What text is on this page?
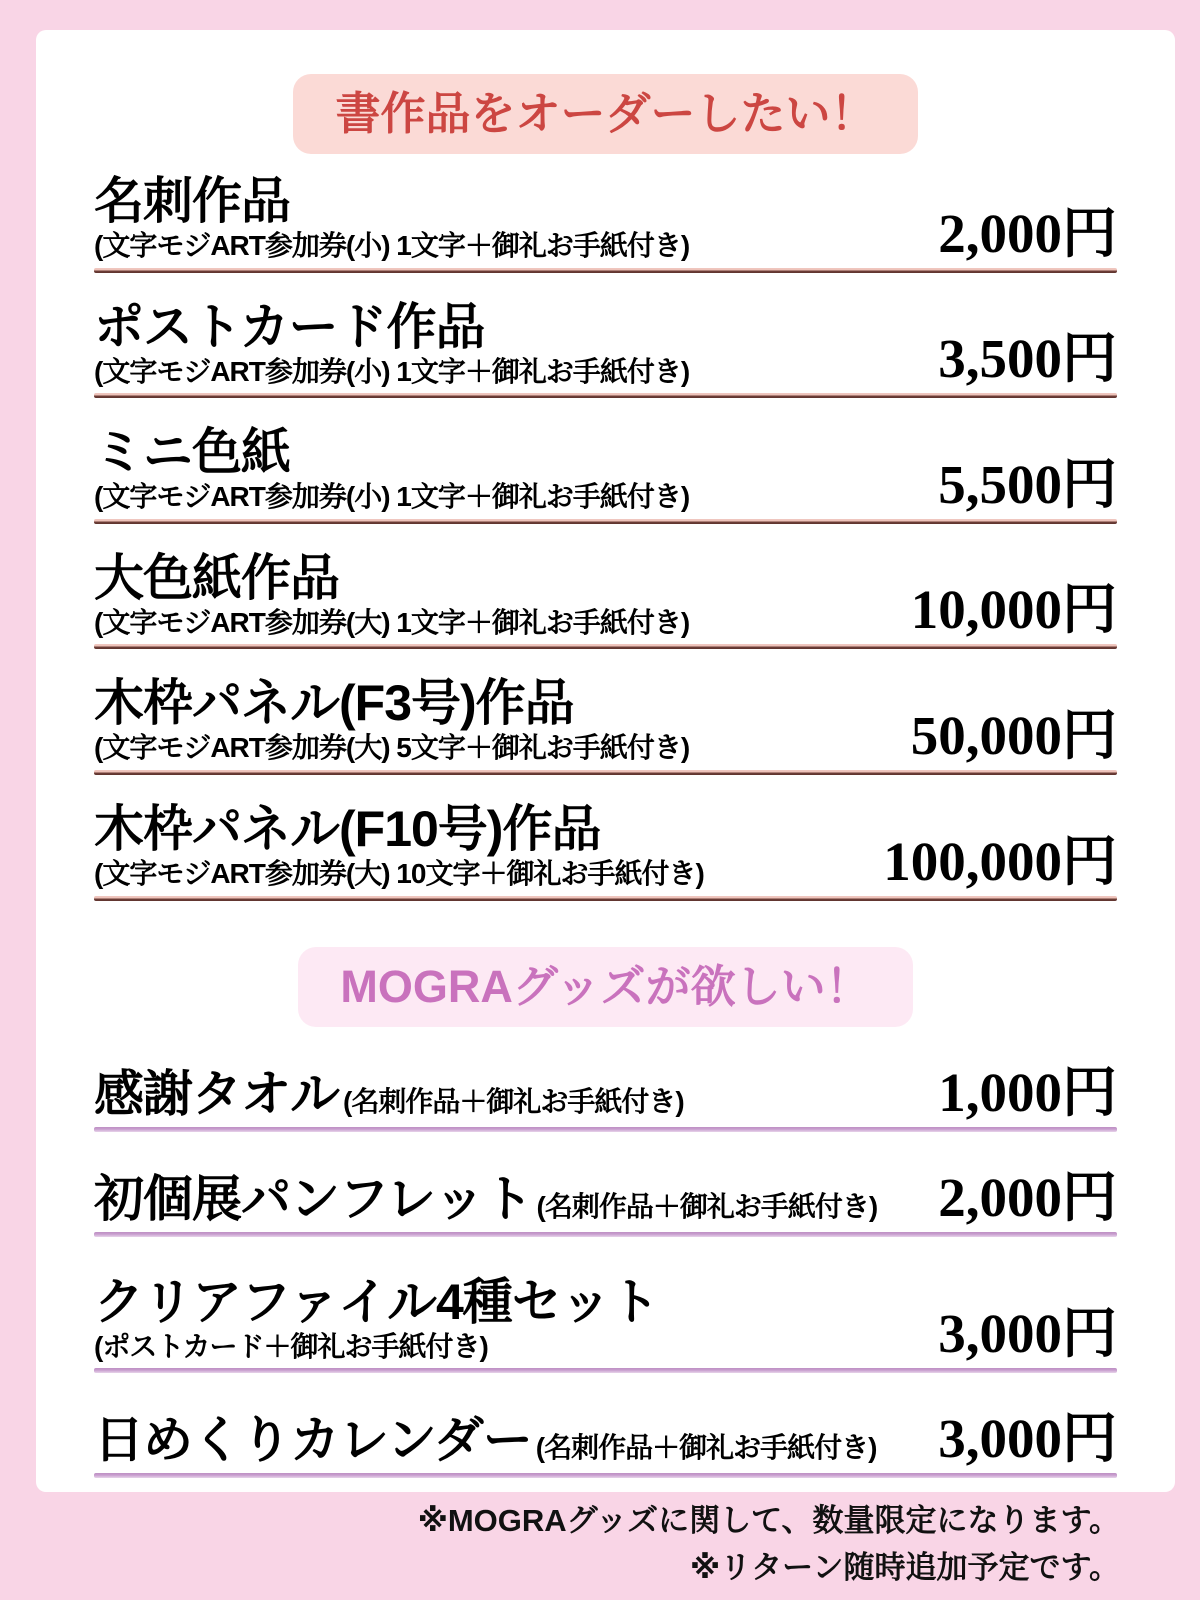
書作品をオーダーしたい！
名刺作品
(文字モジART参加券(小) 1文字＋御礼お手紙付き)	2,000円
ポストカード作品
(文字モジART参加券(小) 1文字＋御礼お手紙付き)	3,500円
ミニ色紙
(文字モジART参加券(小) 1文字＋御礼お手紙付き)	5,500円
大色紙作品
(文字モジART参加券(大) 1文字＋御礼お手紙付き)	10,000円
木枠パネル(F3号)作品
(文字モジART参加券(大) 5文字＋御礼お手紙付き)	50,000円
木枠パネル(F10号)作品
(文字モジART参加券(大) 10文字＋御礼お手紙付き)	100,000円
MOGRAグッズが欲しい！
感謝タオル (名刺作品＋御礼お手紙付き)	1,000円
初個展パンフレット (名刺作品＋御礼お手紙付き)	2,000円
クリアファイル4種セット
(ポストカード＋御礼お手紙付き)	3,000円
日めくりカレンダー (名刺作品＋御礼お手紙付き)	3,000円
※MOGRAグッズに関して、数量限定になります。
※リターン随時追加予定です。
